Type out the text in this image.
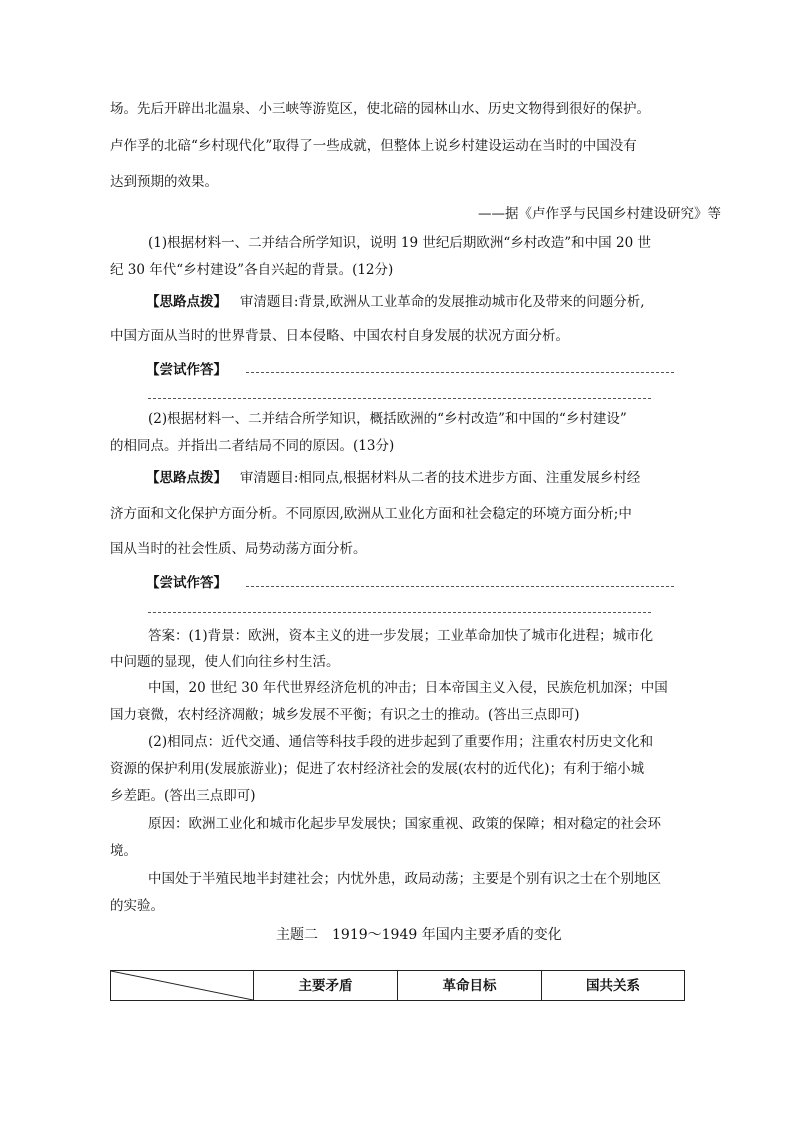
场。先后开辟出北温泉、小三峡等游览区，使北碚的园林山水、历史文物得到很好的保护。
卢作孚的北碚“乡村现代化”取得了一些成就，但整体上说乡村建设运动在当时的中国没有
达到预期的效果。
——据《卢作孚与民国乡村建设研究》等
(1)根据材料一、二并结合所学知识，说明 19 世纪后期欧洲“乡村改造”和中国 20 世
纪 30 年代“乡村建设”各自兴起的背景。(12分)
【思路点拨】 审清题目:背景,欧洲从工业革命的发展推动城市化及带来的问题分析,
中国方面从当时的世界背景、日本侵略、中国农村自身发展的状况方面分析。
【尝试作答】
(2)根据材料一、二并结合所学知识，概括欧洲的“乡村改造”和中国的“乡村建设”
的相同点。并指出二者结局不同的原因。(13分)
【思路点拨】 审清题目:相同点,根据材料从二者的技术进步方面、注重发展乡村经
济方面和文化保护方面分析。不同原因,欧洲从工业化方面和社会稳定的环境方面分析;中
国从当时的社会性质、局势动荡方面分析。
【尝试作答】
答案：(1)背景：欧洲，资本主义的进一步发展；工业革命加快了城市化进程；城市化
中问题的显现，使人们向往乡村生活。
中国，20 世纪 30 年代世界经济危机的冲击；日本帝国主义入侵，民族危机加深；中国
国力衰微，农村经济凋敝；城乡发展不平衡；有识之士的推动。(答出三点即可)
(2)相同点：近代交通、通信等科技手段的进步起到了重要作用；注重农村历史文化和
资源的保护利用(发展旅游业)；促进了农村经济社会的发展(农村的近代化)；有利于缩小城
乡差距。(答出三点即可)
原因：欧洲工业化和城市化起步早发展快；国家重视、政策的保障；相对稳定的社会环
境。
中国处于半殖民地半封建社会；内忧外患，政局动荡；主要是个别有识之士在个别地区
的实验。
主题二　1919～1949 年国内主要矛盾的变化
	主要矛盾	革命目标	国共关系
